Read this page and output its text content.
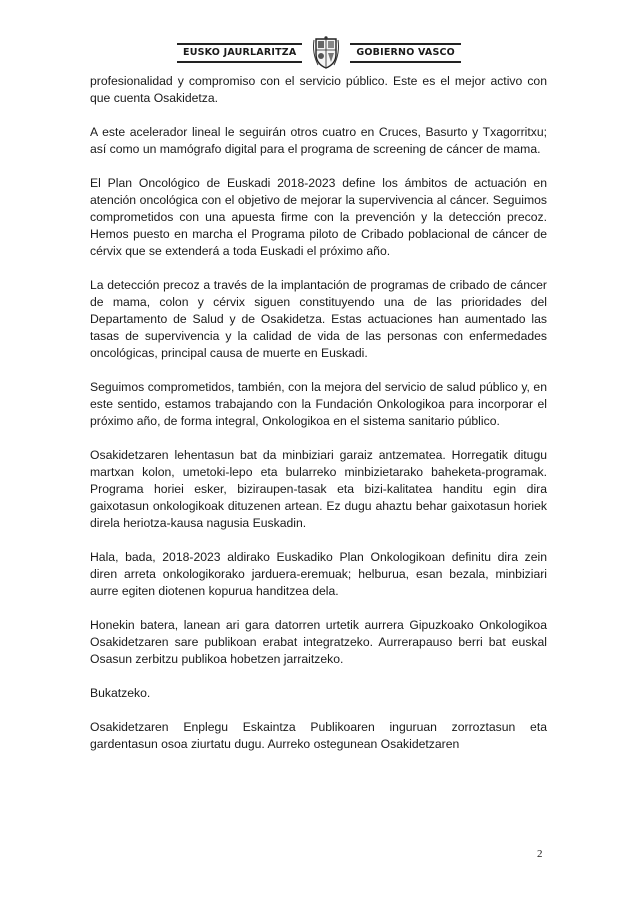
EUSKO JAURLARITZA	GOBIERNO VASCO

profesionalidad y compromiso con el servicio público. Este es el mejor activo con que cuenta Osakidetza.

A este acelerador lineal le seguirán otros cuatro en Cruces, Basurto y Txagorritxu; así como un mamógrafo digital para el programa de screening de cáncer de mama.

El Plan Oncológico de Euskadi 2018-2023 define los ámbitos de actuación en atención oncológica con el objetivo de mejorar la supervivencia al cáncer. Seguimos comprometidos con una apuesta firme con la prevención y la detección precoz. Hemos puesto en marcha el Programa piloto de Cribado poblacional de cáncer de cérvix que se extenderá a toda Euskadi el próximo año.

La detección precoz a través de la implantación de programas de cribado de cáncer de mama, colon y cérvix siguen constituyendo una de las prioridades del Departamento de Salud y de Osakidetza. Estas actuaciones han aumentado las tasas de supervivencia y la calidad de vida de las personas con enfermedades oncológicas, principal causa de muerte en Euskadi.

Seguimos comprometidos, también, con la mejora del servicio de salud público y, en este sentido, estamos trabajando con la Fundación Onkologikoa para incorporar el próximo año, de forma integral, Onkologikoa en el sistema sanitario público.

Osakidetzaren lehentasun bat da minbiziari garaiz antzematea. Horregatik ditugu martxan kolon, umetoki-lepo eta bularreko minbizietarako baheketa-programak. Programa horiei esker, biziraupen-tasak eta bizi-kalitatea handitu egin dira gaixotasun onkologikoak dituzenen artean. Ez dugu ahaztu behar gaixotasun horiek direla heriotza-kausa nagusia Euskadin.

Hala, bada, 2018-2023 aldirako Euskadiko Plan Onkologikoan definitu dira zein diren arreta onkologikorako jarduera-eremuak; helburua, esan bezala, minbiziari aurre egiten diotenen kopurua handitzea dela.

Honekin batera, lanean ari gara datorren urtetik aurrera Gipuzkoako Onkologikoa Osakidetzaren sare publikoan erabat integratzeko. Aurrerapauso berri bat euskal Osasun zerbitzu publikoa hobetzen jarraitzeko.

Bukatzeko.

Osakidetzaren Enplegu Eskaintza Publikoaren inguruan zorroztasun eta gardentasun osoa ziurtatu dugu. Aurreko ostegunean Osakidetzaren

2
